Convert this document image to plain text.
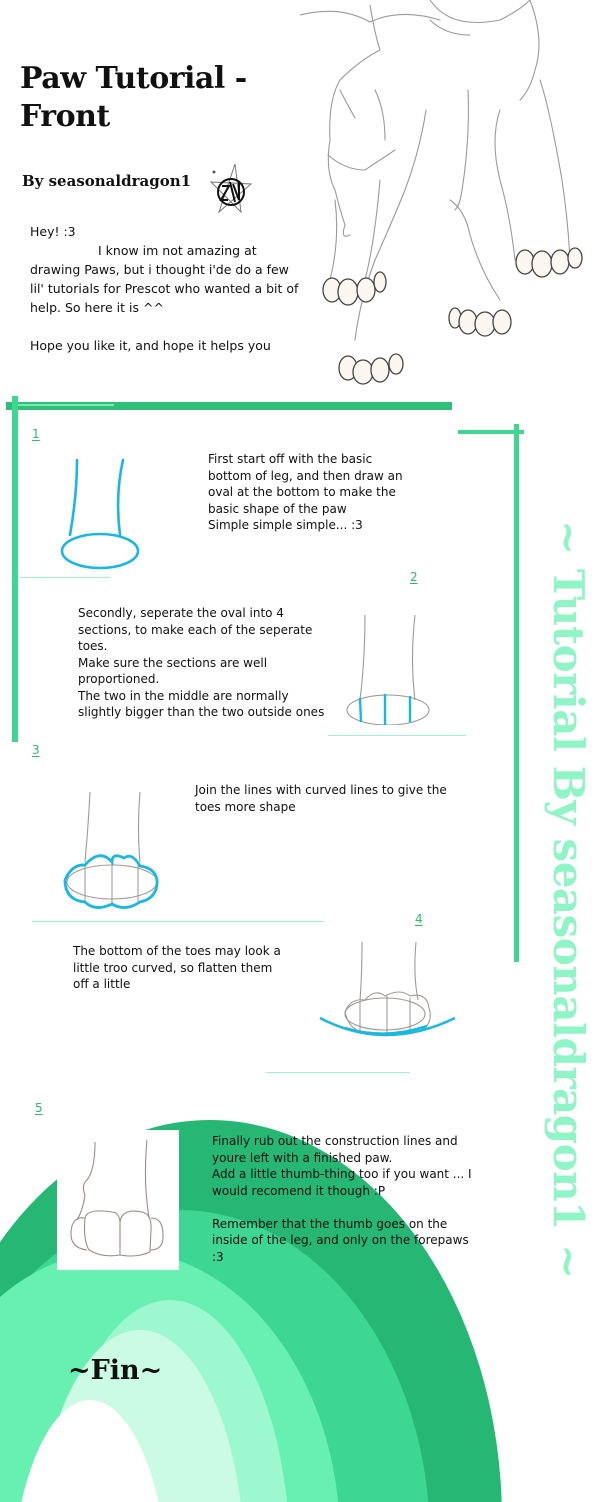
Paw Tutorial -
Front
By seasonaldragon1

Hey! :3

I know im not amazing at drawing Paws, but i thought i'de do a few lil' tutorials for Prescot who wanted a bit of help. So here it is ^^

Hope you like it, and hope it helps you

~ Tutorial By seasonaldragon1 ~
1

First start off with the basic bottom of leg, and then draw an oval at the bottom to make the basic shape of the paw

Simple simple simple... :3

2

Secondly, seperate the oval into 4 sections, to make each of the seperate toes.

Make sure the sections are well proportioned.

The two in the middle are normally slightly bigger than the two outside ones

3

Join the lines with curved lines to give the toes more shape

4

The bottom of the toes may look a little troo curved, so flatten them off a little

5

Finally rub out the construction lines and youre left with a finished paw.

Add a little thumb-thing too if you want ... I would recomend it though :P

Remember that the thumb goes on the inside of the leg, and only on the forepaws :3

~Fin~
